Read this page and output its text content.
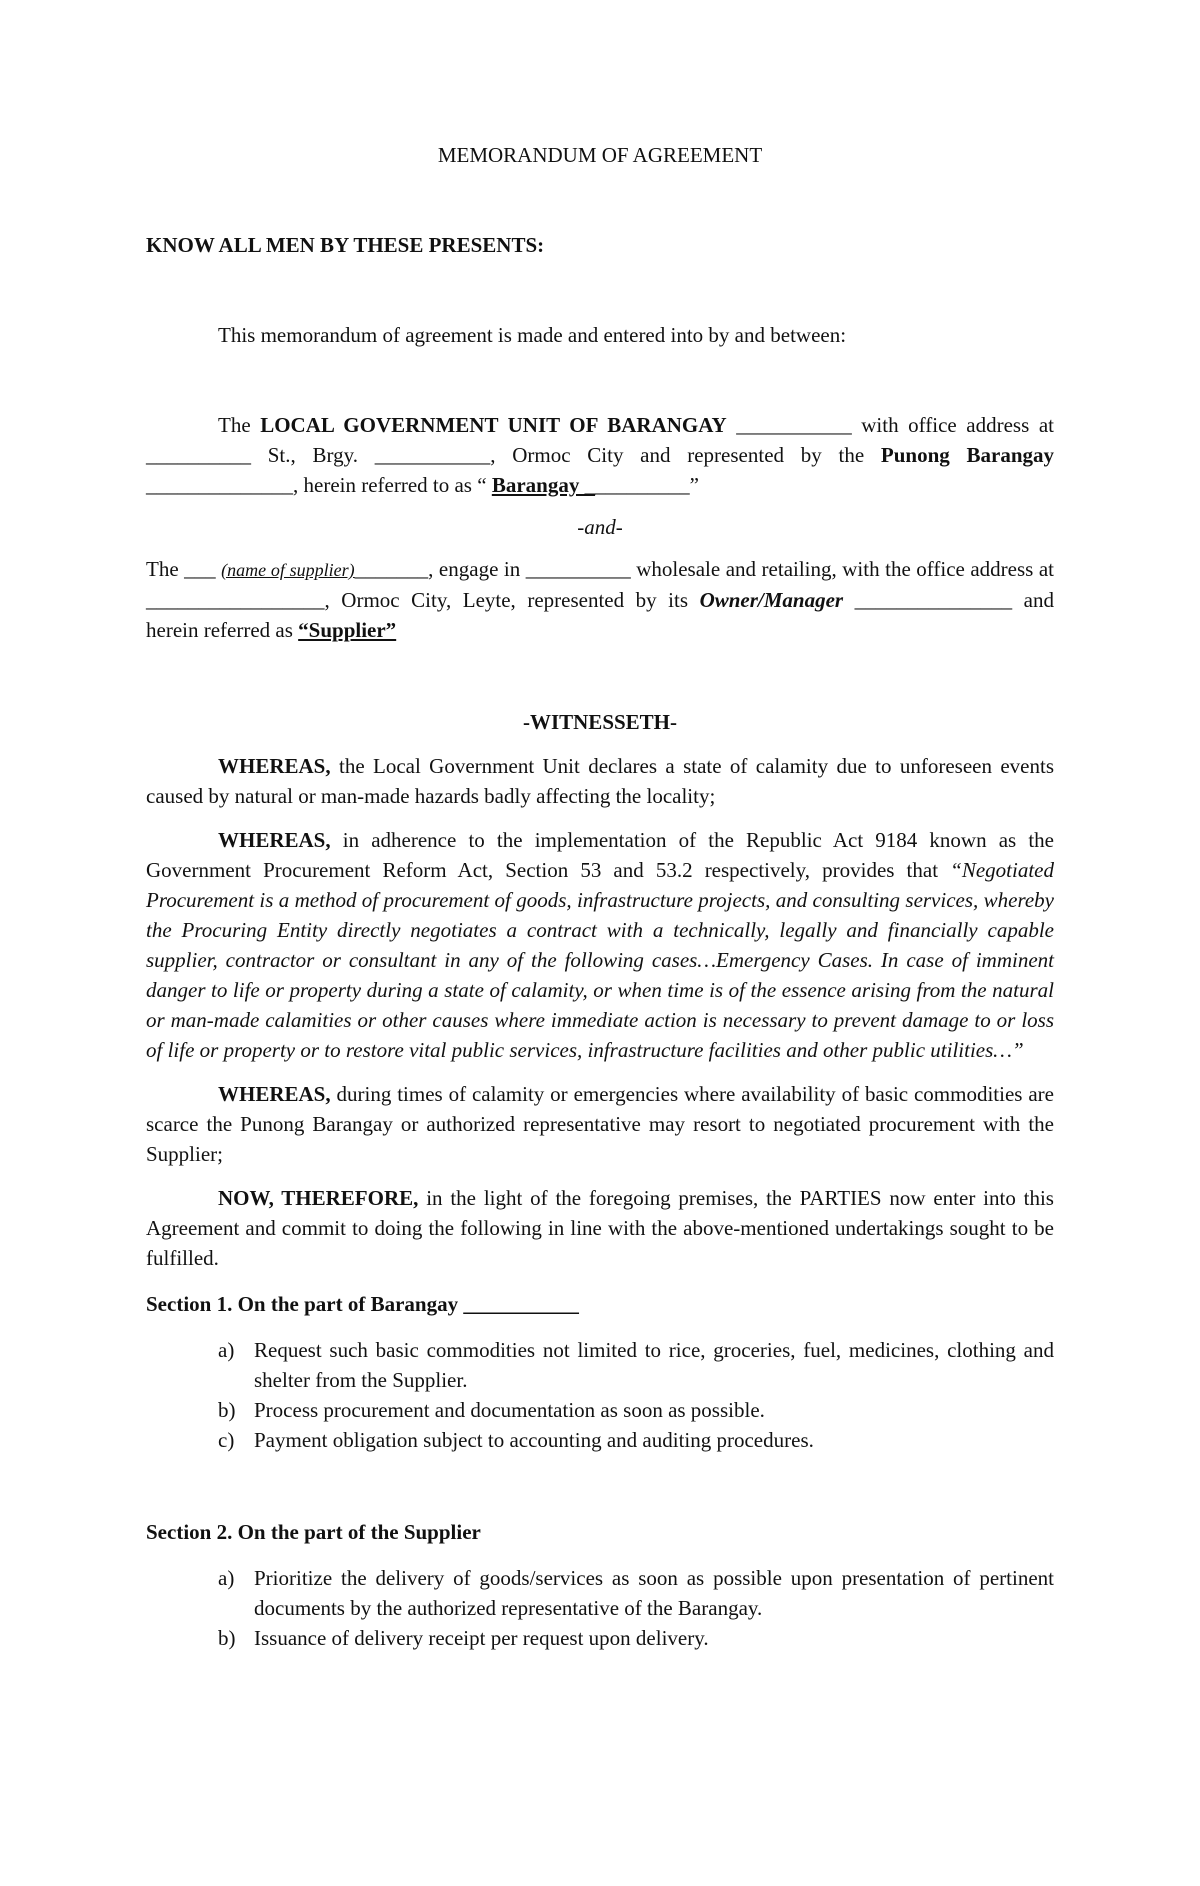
MEMORANDUM OF AGREEMENT

KNOW ALL MEN BY THESE PRESENTS:

This memorandum of agreement is made and entered into by and between:

The LOCAL GOVERNMENT UNIT OF BARANGAY ___________ with office address at __________ St., Brgy. ___________, Ormoc City and represented by the Punong Barangay ______________, herein referred to as “ Barangay __________”

-and-

The ___ (name of supplier)_______, engage in __________ wholesale and retailing, with the office address at _________________, Ormoc City, Leyte, represented by its Owner/Manager _______________ and herein referred as “Supplier”

-WITNESSETH-

WHEREAS, the Local Government Unit declares a state of calamity due to unforeseen events caused by natural or man-made hazards badly affecting the locality;

WHEREAS, in adherence to the implementation of the Republic Act 9184 known as the Government Procurement Reform Act, Section 53 and 53.2 respectively, provides that “Negotiated Procurement is a method of procurement of goods, infrastructure projects, and consulting services, whereby the Procuring Entity directly negotiates a contract with a technically, legally and financially capable supplier, contractor or consultant in any of the following cases…Emergency Cases. In case of imminent danger to life or property during a state of calamity, or when time is of the essence arising from the natural or man-made calamities or other causes where immediate action is necessary to prevent damage to or loss of life or property or to restore vital public services, infrastructure facilities and other public utilities…”

WHEREAS, during times of calamity or emergencies where availability of basic commodities are scarce the Punong Barangay or authorized representative may resort to negotiated procurement with the Supplier;

NOW, THEREFORE, in the light of the foregoing premises, the PARTIES now enter into this Agreement and commit to doing the following in line with the above-mentioned undertakings sought to be fulfilled.

Section 1. On the part of Barangay ___________

a) Request such basic commodities not limited to rice, groceries, fuel, medicines, clothing and shelter from the Supplier.
b) Process procurement and documentation as soon as possible.
c) Payment obligation subject to accounting and auditing procedures.

Section 2. On the part of the Supplier

a) Prioritize the delivery of goods/services as soon as possible upon presentation of pertinent documents by the authorized representative of the Barangay.
b) Issuance of delivery receipt per request upon delivery.
